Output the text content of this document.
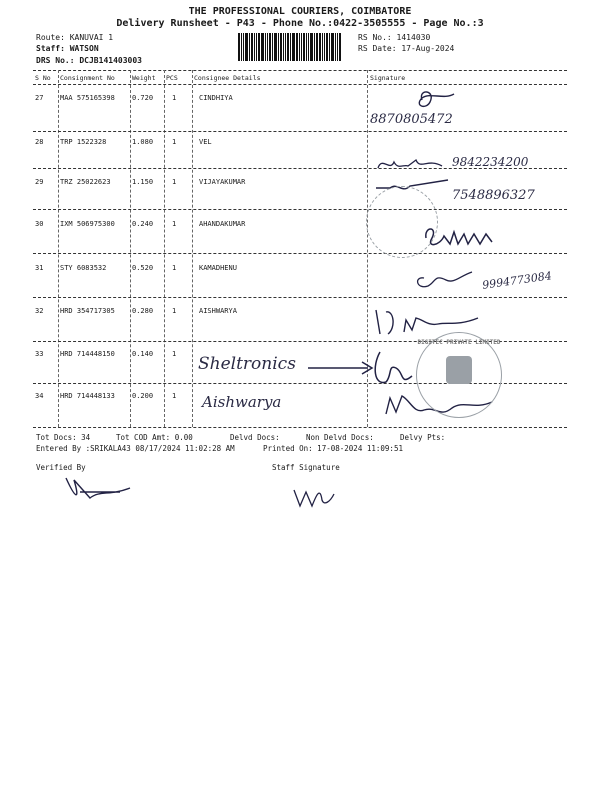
THE PROFESSIONAL COURIERS, COIMBATORE
Delivery Runsheet - P43 - Phone No.:0422-3505555 - Page No.:3
Route: KANUVAI 1
Staff: WATSON
DRS No.: DCJB141403003
RS No.: 1414030
RS Date: 17-Aug-2024
S No Consignment No	Weight PCS	Consignee Details	Signature
27 MAA 575165398 0.720	1	CINDHIYA
8870805472
28 TRP 1522328	1.080	1	VEL
9842234200
29 TRZ 25022623	1.150	1	VIJAYAKUMAR
7548896327
30 IXM 506975300 0.240	1	AHANDAKUMAR
31 STY 6083532	0.520	1	KAMADHENU
9994773084
32 HRD 354717305 0.280	1	AISHWARYA
33 HRD 714448150 0.140	1 Sheltronics
34 HRD 714448133 0.200	1 Aishwarya
DIGITEC PRIVATE LIMITED
Tot Docs: 34	Tot COD Amt: 0.00	Delvd Docs:	Non Delvd Docs:	Delvy Pts:
Entered By :SRIKALA43 08/17/2024 11:02:28 AM	Printed On: 17-08-2024 11:09:51
Verified By	Staff Signature
